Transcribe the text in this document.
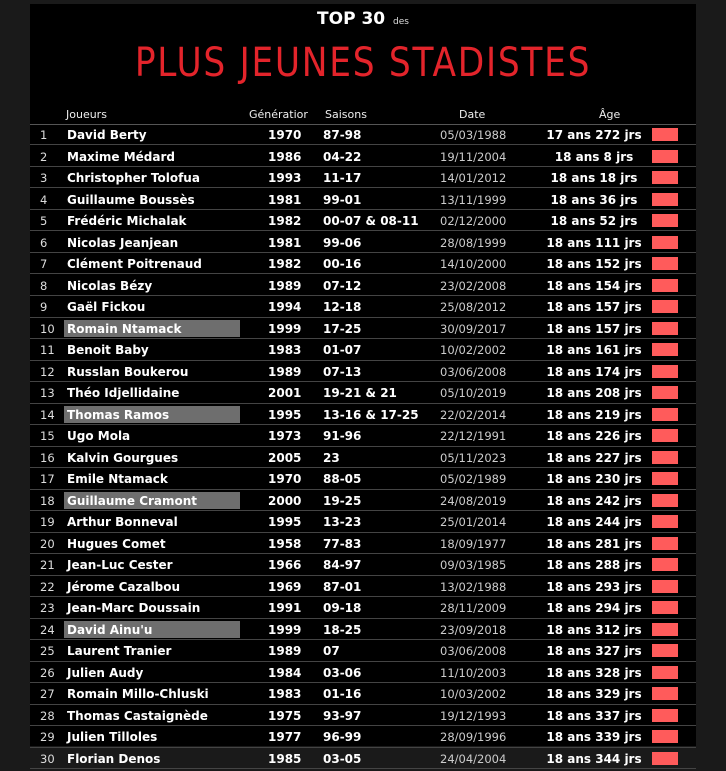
TOP 30 des
PLUS JEUNES STADISTES
Joueurs	Génératior Saisons	Date	Âge
1 David Berty	1970 87-98	05/03/1988	17 ans 272 jrs
2 Maxime Médard	1986 04-22	19/11/2004	18 ans 8 jrs
3 Christopher Tolofua	1993 11-17	14/01/2012	18 ans 18 jrs
4 Guillaume Boussès	1981 99-01	13/11/1999	18 ans 36 jrs
5 Frédéric Michalak	1982 00-07 & 08-11 02/12/2000	18 ans 52 jrs
6 Nicolas Jeanjean	1981 99-06	28/08/1999	18 ans 111 jrs
7 Clément Poitrenaud	1982 00-16	14/10/2000	18 ans 152 jrs
8 Nicolas Bézy	1989 07-12	23/02/2008	18 ans 154 jrs
9 Gaël Fickou	1994 12-18	25/08/2012	18 ans 157 jrs
10 Romain Ntamack	1999 17-25	30/09/2017	18 ans 157 jrs
11 Benoit Baby	1983 01-07	10/02/2002	18 ans 161 jrs
12 Russlan Boukerou	1989 07-13	03/06/2008	18 ans 174 jrs
13 Théo Idjellidaine	2001 19-21 & 21	05/10/2019	18 ans 208 jrs
14 Thomas Ramos	1995 13-16 & 17-25 22/02/2014	18 ans 219 jrs
15 Ugo Mola	1973 91-96	22/12/1991	18 ans 226 jrs
16 Kalvin Gourgues	2005 23	05/11/2023	18 ans 227 jrs
17 Emile Ntamack	1970 88-05	05/02/1989	18 ans 230 jrs
18 Guillaume Cramont	2000 19-25	24/08/2019	18 ans 242 jrs
19 Arthur Bonneval	1995 13-23	25/01/2014	18 ans 244 jrs
20 Hugues Comet	1958 77-83	18/09/1977	18 ans 281 jrs
21 Jean-Luc Cester	1966 84-97	09/03/1985	18 ans 288 jrs
22 Jérome Cazalbou	1969 87-01	13/02/1988	18 ans 293 jrs
23 Jean-Marc Doussain	1991 09-18	28/11/2009	18 ans 294 jrs
24 David Ainu'u	1999 18-25	23/09/2018	18 ans 312 jrs
25 Laurent Tranier	1989 07	03/06/2008	18 ans 327 jrs
26 Julien Audy	1984 03-06	11/10/2003	18 ans 328 jrs
27 Romain Millo-Chluski	1983 01-16	10/03/2002	18 ans 329 jrs
28 Thomas Castaignède	1975 93-97	19/12/1993	18 ans 337 jrs
29 Julien Tilloles	1977 96-99	28/09/1996	18 ans 339 jrs
30 Florian Denos	1985 03-05	24/04/2004	18 ans 344 jrs
